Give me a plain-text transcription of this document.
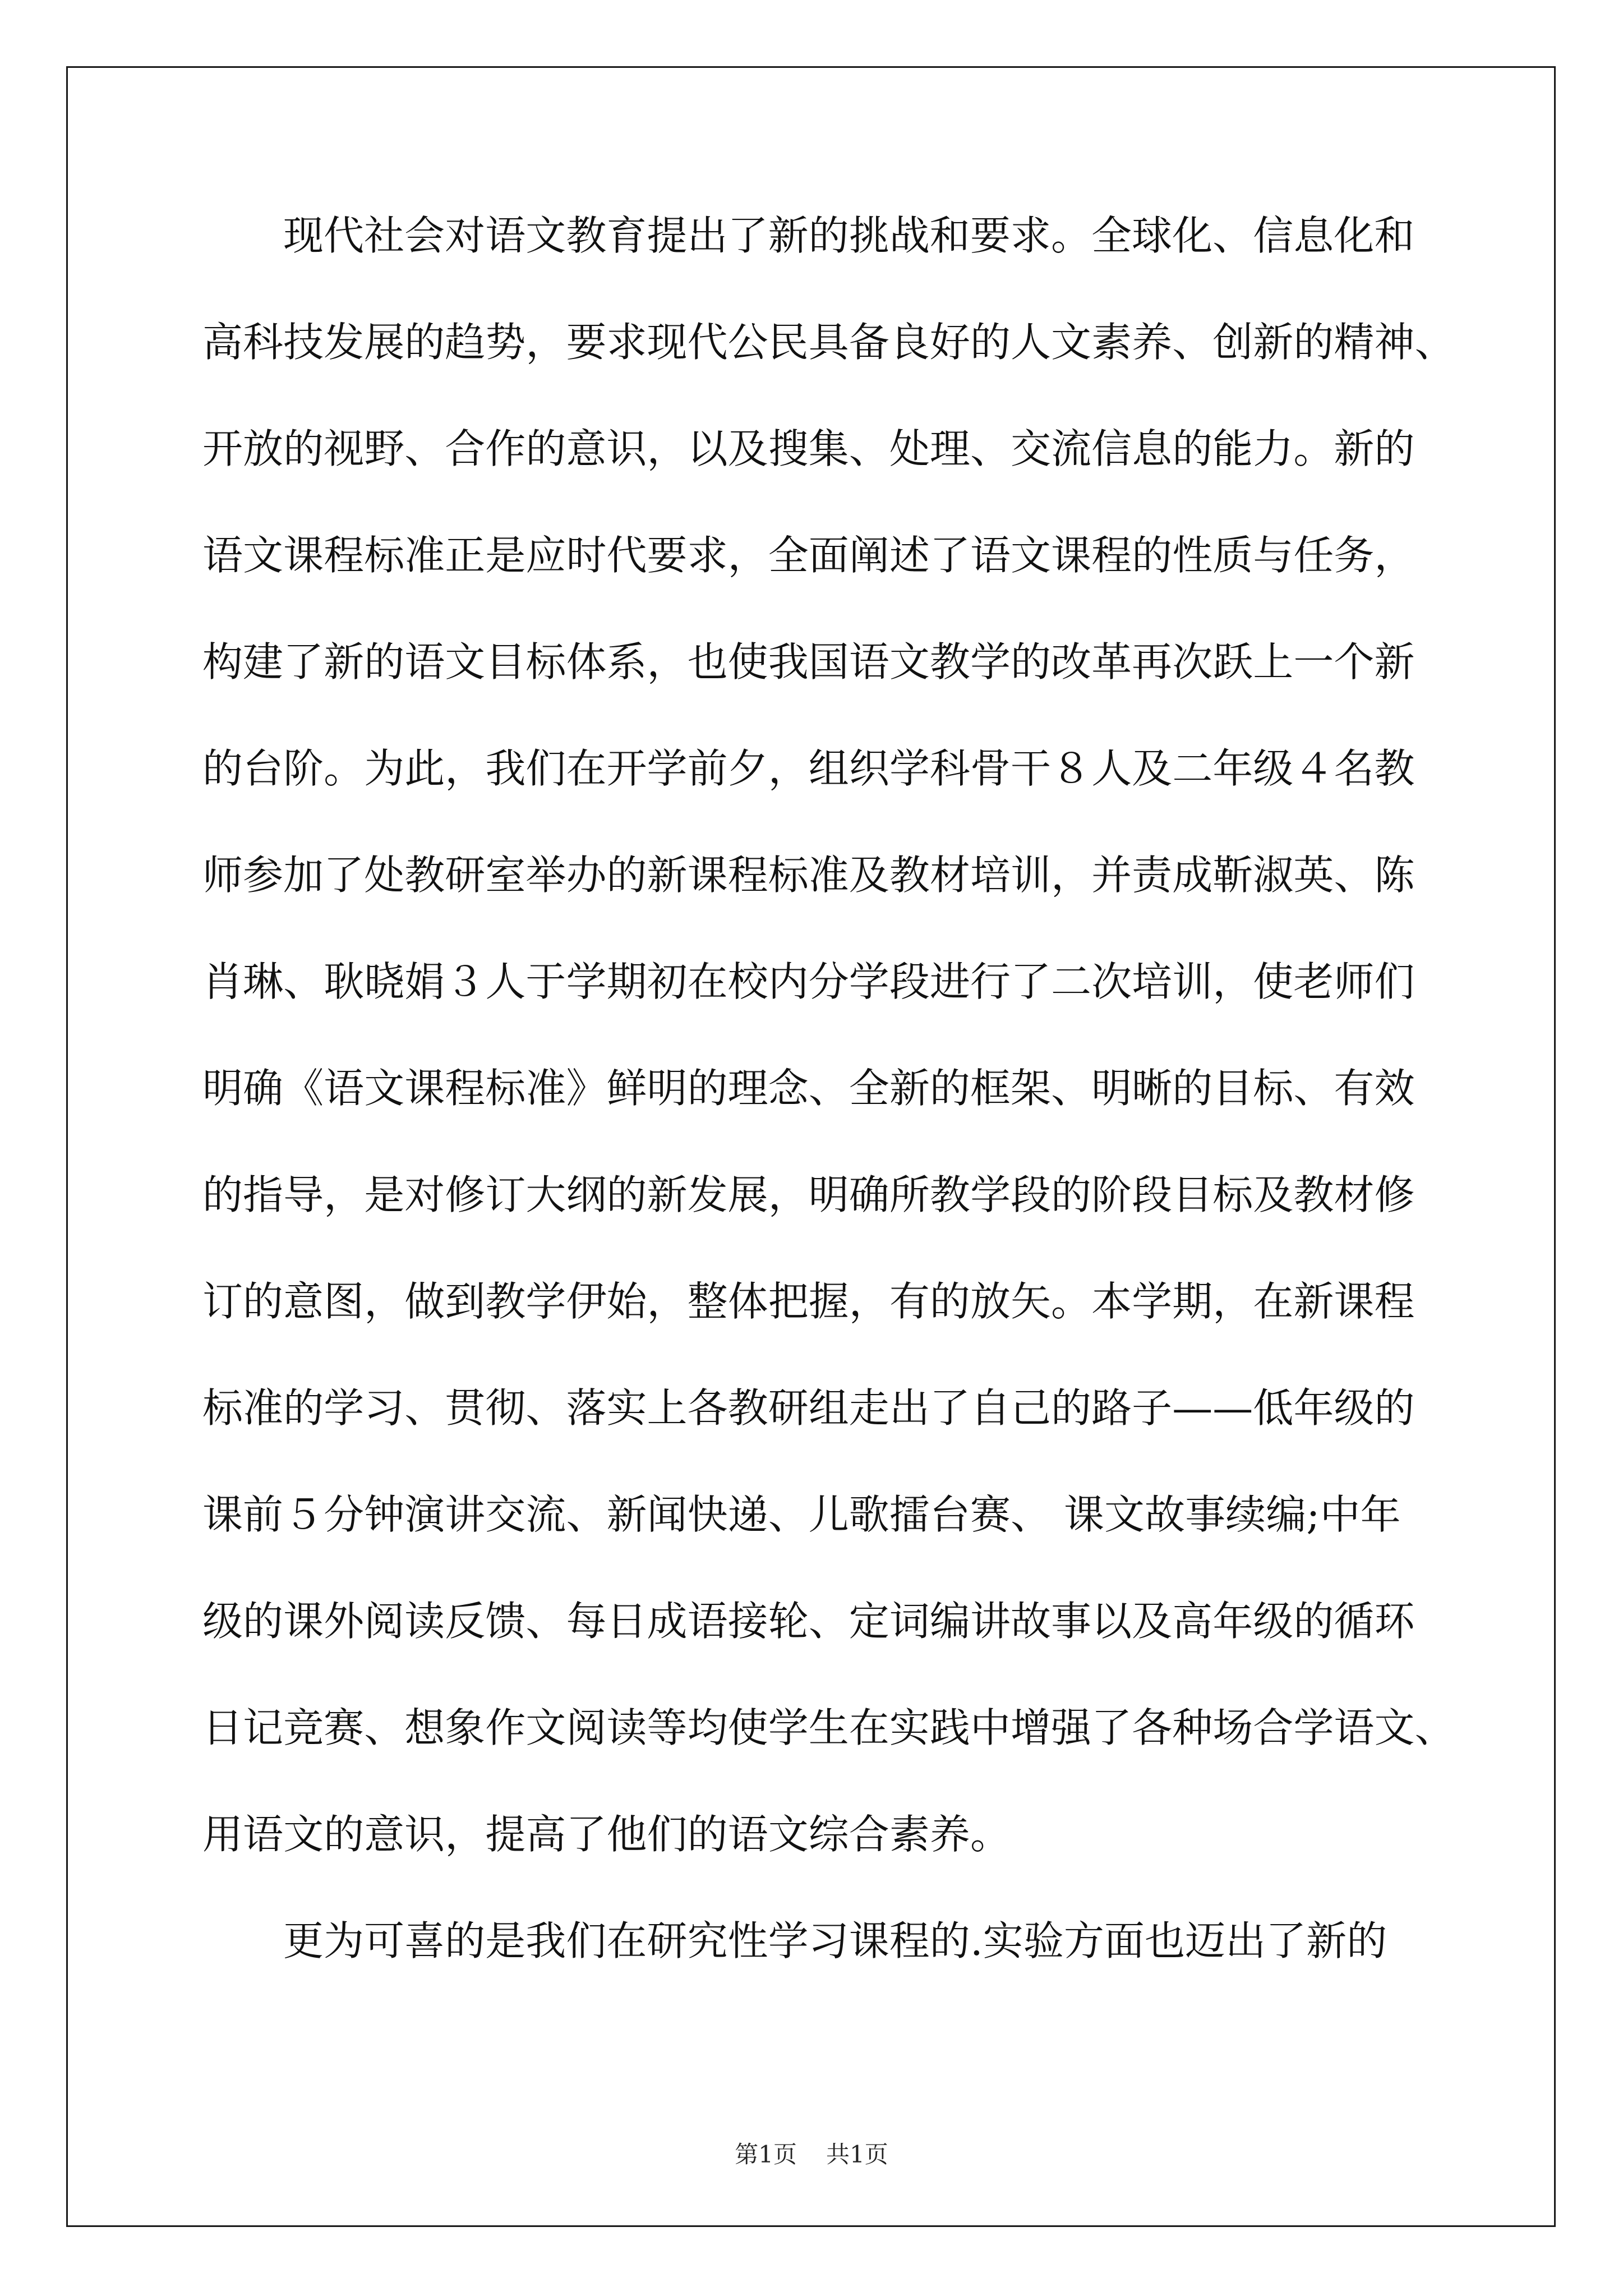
现代社会对语文教育提出了新的挑战和要求。全球化、信息化和
高科技发展的趋势，要求现代公民具备良好的人文素养、创新的精神、
开放的视野、合作的意识，以及搜集、处理、交流信息的能力。新的
语文课程标准正是应时代要求，全面阐述了语文课程的性质与任务，
构建了新的语文目标体系，也使我国语文教学的改革再次跃上一个新
的台阶。为此，我们在开学前夕，组织学科骨干８人及二年级４名教
师参加了处教研室举办的新课程标准及教材培训，并责成靳淑英、陈
肖琳、耿晓娟３人于学期初在校内分学段进行了二次培训，使老师们
明确《语文课程标准》鲜明的理念、全新的框架、明晰的目标、有效
的指导，是对修订大纲的新发展，明确所教学段的阶段目标及教材修
订的意图，做到教学伊始，整体把握，有的放矢。本学期，在新课程
标准的学习、贯彻、落实上各教研组走出了自己的路子——低年级的
课前５分钟演讲交流、新闻快递、儿歌擂台赛、 课文故事续编;中年
级的课外阅读反馈、每日成语接轮、定词编讲故事以及高年级的循环
日记竞赛、想象作文阅读等均使学生在实践中增强了各种场合学语文、
用语文的意识，提高了他们的语文综合素养。
更为可喜的是我们在研究性学习课程的.实验方面也迈出了新的
第1页 共1页
